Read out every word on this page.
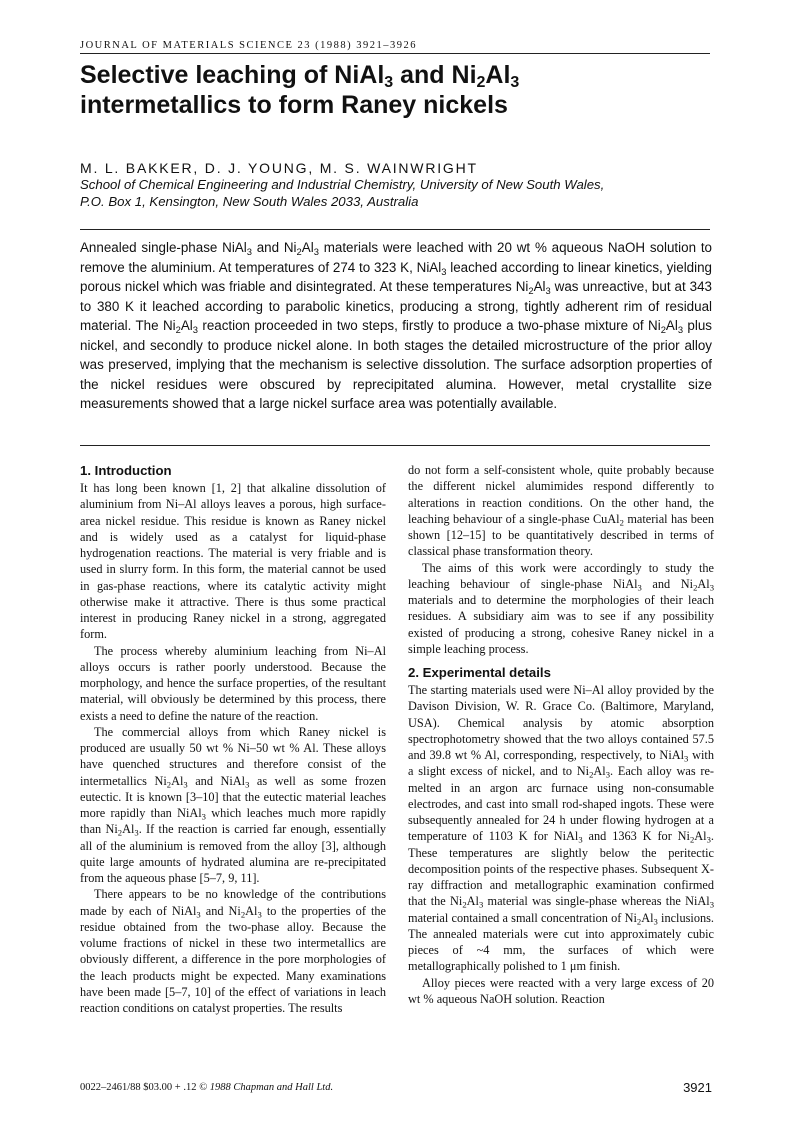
JOURNAL OF MATERIALS SCIENCE 23 (1988) 3921–3926
Selective leaching of NiAl$_3$ and $Ni_2Al_3$
intermetallics to form Raney nickels
M. L. BAKKER, D. J. YOUNG, M. S. WAINWRIGHT
School of Chemical Engineering and Industrial Chemistry, University of New South Wales,
P.O. Box 1, Kensington, New South Wales 2033, Australia
Annealed single-phase NiAl$_3$ and $Ni_2Al_3$ materials were leached with 20 wt % aqueous NaOH solution to remove the aluminium. At temperatures of 274 to 323 K, NiAl$_3$ leached according to linear kinetics, yielding porous nickel which was friable and disintegrated. At these temperatures $Ni_2Al_3$ was unreactive, but at 343 to 380 K it leached according to parabolic kinetics, producing a strong, tightly adherent rim of residual material. The $Ni_2Al_3$ reaction proceeded in two steps, firstly to produce a two-phase mixture of $Ni_2Al_3$ plus nickel, and secondly to produce nickel alone. In both stages the detailed microstructure of the prior alloy was preserved, implying that the mechanism is selective dissolution. The surface adsorption properties of the nickel residues were obscured by reprecipitated alumina. However, metal crystallite size measurements showed that a large nickel surface area was potentially available.
1. Introduction

It has long been known [1, 2] that alkaline dissolution of aluminium from Ni–Al alloys leaves a porous, high surface-area nickel residue. This residue is known as Raney nickel and is widely used as a catalyst for liquid-phase hydrogenation reactions. The material is very friable and is used in slurry form. In this form, the material cannot be used in gas-phase reactions, where its catalytic activity might otherwise make it attractive. There is thus some practical interest in producing Raney nickel in a strong, aggregated form.

The process whereby aluminium leaching from Ni–Al alloys occurs is rather poorly understood. Because the morphology, and hence the surface properties, of the resultant material, will obviously be determined by this process, there exists a need to define the nature of the reaction.

The commercial alloys from which Raney nickel is produced are usually 50 wt % Ni–50 wt % Al. These alloys have quenched structures and therefore consist of the intermetallics $Ni_2Al_3$ and NiAl$_3$ as well as some frozen eutectic. It is known [3–10] that the eutectic material leaches more rapidly than NiAl$_3$ which leaches much more rapidly than $Ni_2Al_3$. If the reaction is carried far enough, essentially all of the aluminium is removed from the alloy [3], although quite large amounts of hydrated alumina are re-precipitated from the aqueous phase [5–7, 9, 11].

There appears to be no knowledge of the contributions made by each of NiAl$_3$ and $Ni_2Al_3$ to the properties of the residue obtained from the two-phase alloy. Because the volume fractions of nickel in these two intermetallics are obviously different, a difference in the pore morphologies of the leach products might be expected. Many examinations have been made [5–7, 10] of the effect of variations in leach reaction conditions on catalyst properties. The results

do not form a self-consistent whole, quite probably because the different nickel alumimides respond differently to alterations in reaction conditions. On the other hand, the leaching behaviour of a single-phase CuAl$_2$ material has been shown [12–15] to be quantitatively described in terms of classical phase transformation theory.

The aims of this work were accordingly to study the leaching behaviour of single-phase NiAl$_3$ and $Ni_2Al_3$ materials and to determine the morphologies of their leach residues. A subsidiary aim was to see if any possibility existed of producing a strong, cohesive Raney nickel in a simple leaching process.

2. Experimental details

The starting materials used were Ni–Al alloy provided by the Davison Division, W. R. Grace Co. (Baltimore, Maryland, USA). Chemical analysis by atomic absorption spectrophotometry showed that the two alloys contained 57.5 and 39.8 wt % Al, corresponding, respectively, to NiAl$_3$ with a slight excess of nickel, and to $Ni_2Al_3$. Each alloy was re-melted in an argon arc furnace using non-consumable electrodes, and cast into small rod-shaped ingots. These were subsequently annealed for 24 h under flowing hydrogen at a temperature of 1103 K for NiAl$_3$ and 1363 K for $Ni_2Al_3$. These temperatures are slightly below the peritectic decomposition points of the respective phases. Subsequent X-ray diffraction and metallographic examination confirmed that the $Ni_2Al_3$ material was single-phase whereas the NiAl$_3$ material contained a small concentration of $Ni_2Al_3$ inclusions. The annealed materials were cut into approximately cubic pieces of ~4 mm, the surfaces of which were metallographically polished to 1 μm finish.

Alloy pieces were reacted with a very large excess of 20 wt % aqueous NaOH solution. Reaction

0022–2461/88 $03.00 + .12 © 1988 Chapman and Hall Ltd.	3921
